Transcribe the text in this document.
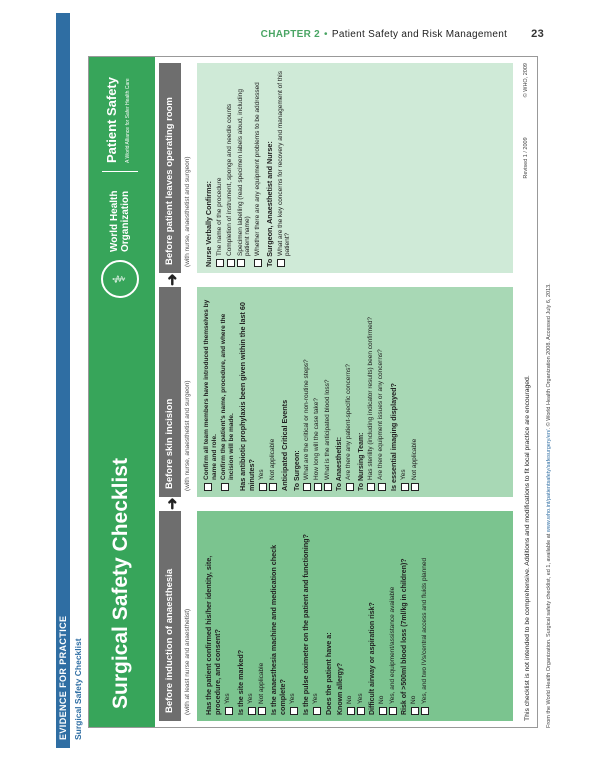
CHAPTER 2 • Patient Safety and Risk Management 23
EVIDENCE FOR PRACTICE Surgical Safety Checklist Surgical Safety Checklist
⚕
World Health Organization
Patient Safety	A World Alliance for Safer Health Care
Before induction of anaesthesia	(with at least nurse and anaesthetist)	Has the patient confirmed his/her identity, site, procedure, and consent? Yes Is the site marked? Yes Not applicable Is the anaesthesia machine and medication check complete? Yes Is the pulse oximeter on the patient and functioning? Yes Does the patient have a: Known allergy? No Yes Difficult airway or aspiration risk? No Yes, and equipment/assistance available Risk of >500ml blood loss (7ml/kg in children)? No Yes, and two IVs/central access and fluids planned
Before skin incision	(with nurse, anaesthetist and surgeon)	Confirm all team members have introduced themselves by name and role. Confirm the patient's name, procedure, and where the incision will be made. Has antibiotic prophylaxis been given within the last 60 minutes? Yes Not applicable Anticipated Critical Events To Surgeon: What are the critical or non-routine steps? How long will the case take? What is the anticipated blood loss? To Anaesthetist: Are there any patient-specific concerns? To Nursing Team: Has sterility (including indicator results) been confirmed? Are there equipment issues or any concerns? Is essential imaging displayed? Yes Not applicable
Before patient leaves operating room	(with nurse, anaesthetist and surgeon)	Nurse Verbally Confirms: The name of the procedure Completion of instrument, sponge and needle counts Specimen labelling (read specimen labels aloud, including patient name) Whether there are any equipment problems to be addressed To Surgeon, Anaesthetist and Nurse: What are the key concerns for recovery and management of this patient?
➜
➜
This checklist is not intended to be comprehensive. Additions and modifications to fit local practice are encouraged.
Revised 1 / 2009
© WHO, 2009
From the World Health Organization. Surgical safety checklist, ed 1, available at www.who.int/patientsafety/safesurgery/en/. © World Health Organization 2008. Accessed July 6, 2013.
